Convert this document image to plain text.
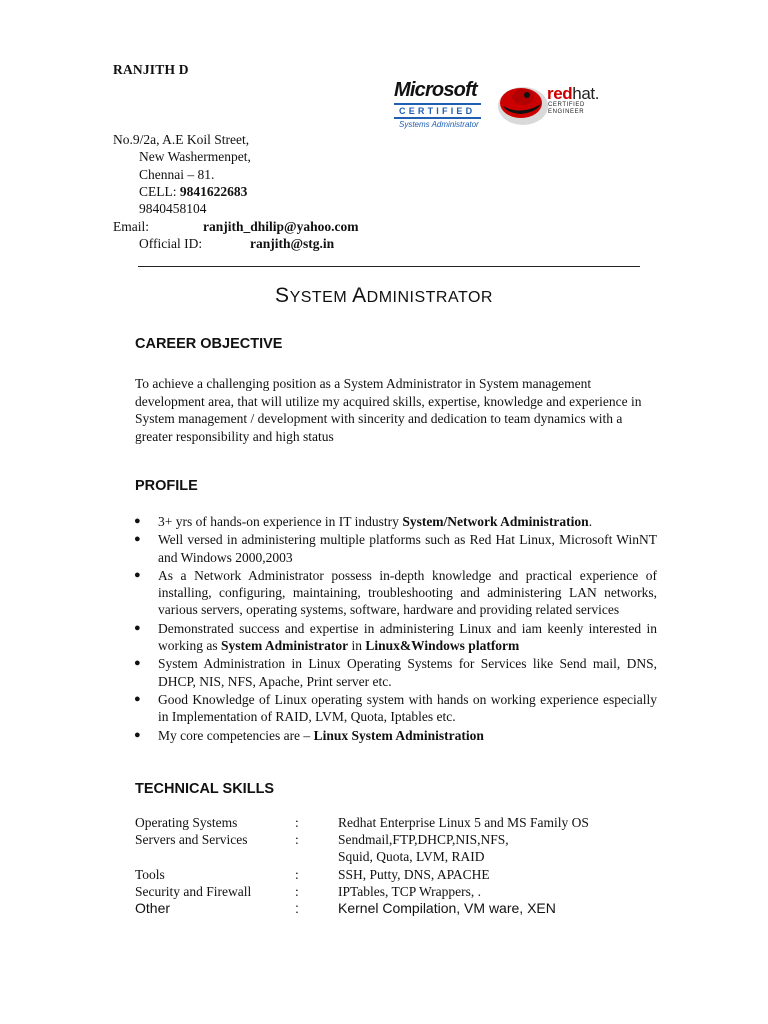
RANJITH D
Microsoft
CERTIFIED
Systems Administrator
redhat.
CERTIFIED
ENGINEER
No.9/2a, A.E Koil Street,
New Washermenpet,
Chennai – 81.
CELL: 9841622683
9840458104
Email:	ranjith_dhilip@yahoo.com
Official ID:	ranjith@stg.in
SYSTEM ADMINISTRATOR
CAREER OBJECTIVE
To achieve a challenging position as a System Administrator in System management development area, that will utilize my acquired skills, expertise, knowledge and experience in System management / development with sincerity and dedication to team dynamics with a greater responsibility and high status
PROFILE
● 3+ yrs of hands-on experience in IT industry System/Network Administration.
● Well versed in administering multiple platforms such as Red Hat Linux, Microsoft WinNT and Windows 2000,2003
● As a Network Administrator possess in-depth knowledge and practical experience of installing, configuring, maintaining, troubleshooting and administering LAN networks, various servers, operating systems, software, hardware and providing related services
● Demonstrated success and expertise in administering Linux and iam keenly interested in working as System Administrator in Linux&Windows platform
● System Administration in Linux Operating Systems for Services like Send mail, DNS, DHCP, NIS, NFS, Apache, Print server etc.
● Good Knowledge of Linux operating system with hands on working experience especially in Implementation of RAID, LVM, Quota, Iptables etc.
● My core competencies are – Linux System Administration
TECHNICAL SKILLS
Operating Systems	:	Redhat Enterprise Linux 5 and MS Family OS
Servers and Services	:	Sendmail,FTP,DHCP,NIS,NFS,
Squid, Quota, LVM, RAID
Tools	:	SSH, Putty, DNS, APACHE
Security and Firewall	:	IPTables, TCP Wrappers, .
Other	:	Kernel Compilation, VM ware, XEN
